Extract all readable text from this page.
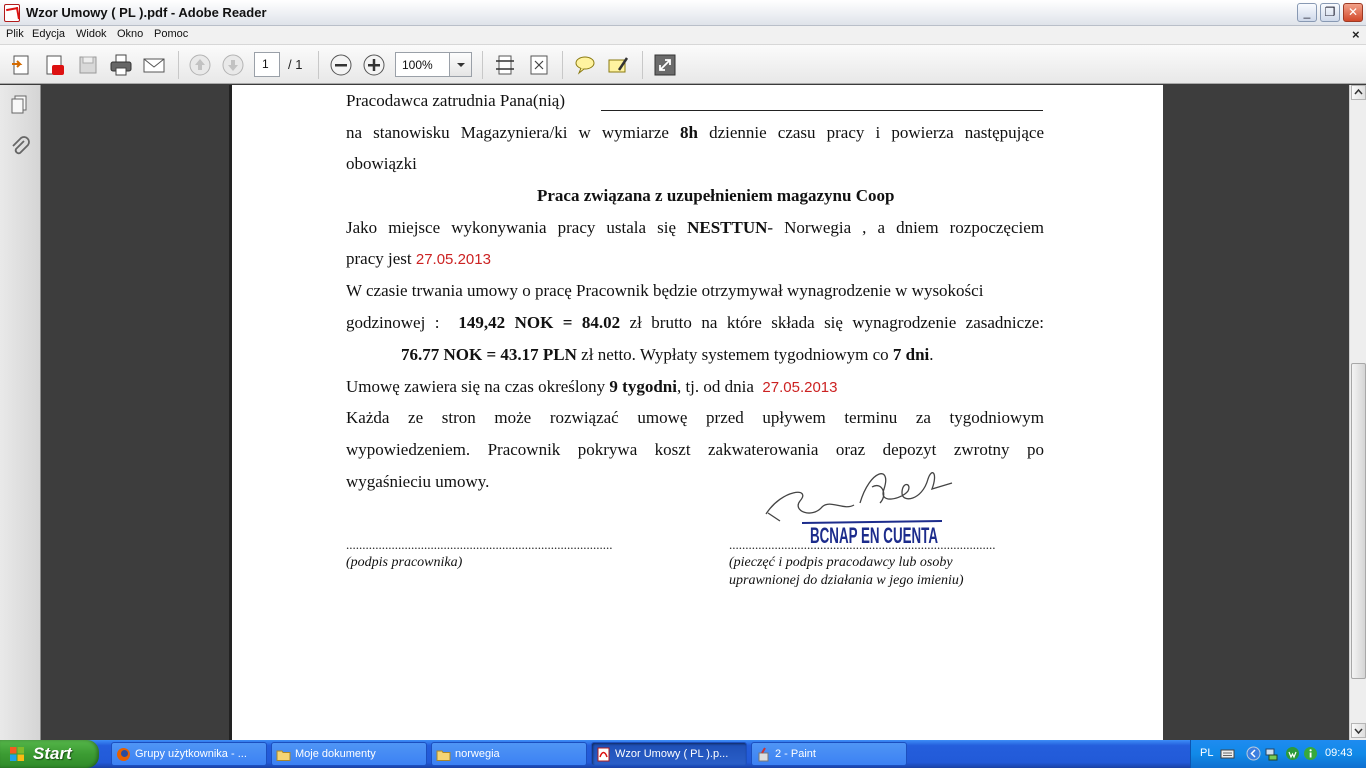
Wzor Umowy ( PL ).pdf - Adobe Reader	_	❐	✕
Plik Edycja Widok Okno Pomoc	×
1	/ 1	100%
Pracodawca zatrudnia Pana(nią)
na stanowisku Magazyniera/ki w wymiarze 8h dziennie czasu pracy i powierza następujące
obowiązki
Praca związana z uzupełnieniem magazynu Coop
Jako miejsce wykonywania pracy ustala się NESTTUN- Norwegia , a dniem rozpoczęciem
pracy jest 27.05.2013
W czasie trwania umowy o pracę Pracownik będzie otrzymywał wynagrodzenie w wysokości
godzinowej : 149,42 NOK = 84.02 zł brutto na które składa się wynagrodzenie zasadnicze:
76.77 NOK = 43.17 PLN zł netto. Wypłaty systemem tygodniowym co 7 dni.
Umowę zawiera się na czas określony 9 tygodni, tj. od dnia 27.05.2013
Każda ze stron może rozwiązać umowę przed upływem terminu za tygodniowym
wypowiedzeniem. Pracownik pokrywa koszt zakwaterowania oraz depozyt zwrotny po
wygaśnieciu umowy.
BCNAP EN CUENTA
..................................................................................	..................................................................................
(podpis pracownika)	(pieczęć i podpis pracodawcy lub osoby
uprawnionej do działania w jego imieniu)
Start	Grupy użytkownika - ...	Moje dokumenty	norwegia	Wzor Umowy ( PL ).p...	2 - Paint	PL	09:43
